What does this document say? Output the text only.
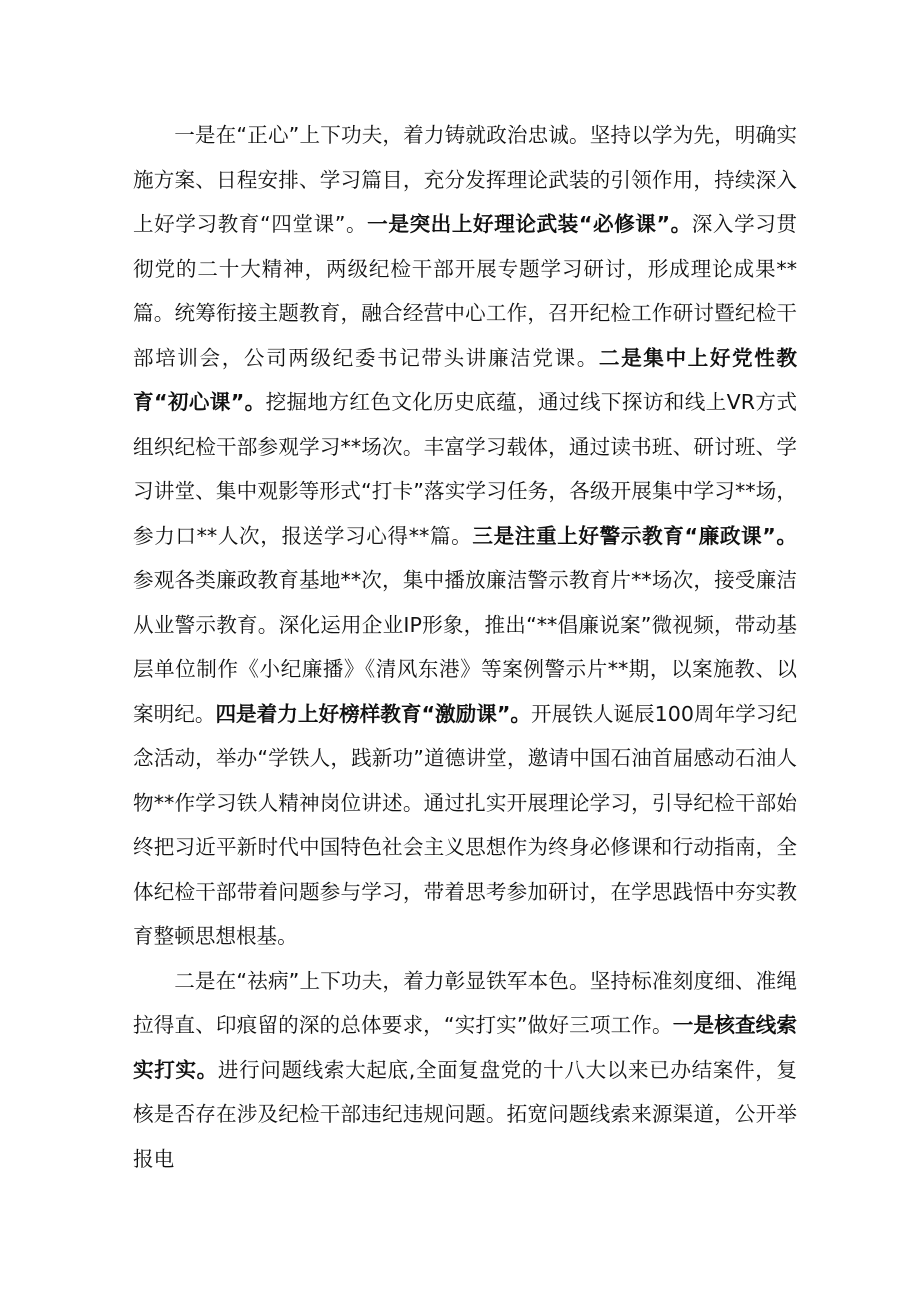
一是在“正心”上下功夫，着力铸就政治忠诚。坚持以学为先，明确实施方案、日程安排、学习篇目，充分发挥理论武装的引领作用，持续深入上好学习教育“四堂课”。一是突出上好理论武装“必修课”。深入学习贯彻党的二十大精神，两级纪检干部开展专题学习研讨，形成理论成果**篇。统筹衔接主题教育，融合经营中心工作，召开纪检工作研讨暨纪检干部培训会，公司两级纪委书记带头讲廉洁党课。二是集中上好党性教育“初心课”。挖掘地方红色文化历史底蕴，通过线下探访和线上VR方式组织纪检干部参观学习**场次。丰富学习载体，通过读书班、研讨班、学习讲堂、集中观影等形式“打卡”落实学习任务，各级开展集中学习**场，参力口**人次，报送学习心得**篇。三是注重上好警示教育“廉政课”。参观各类廉政教育基地**次，集中播放廉洁警示教育片**场次，接受廉洁从业警示教育。深化运用企业IP形象，推出“**倡廉说案”微视频，带动基层单位制作《小纪廉播》《清风东港》等案例警示片**期，以案施教、以案明纪。四是着力上好榜样教育“激励课”。开展铁人诞辰100周年学习纪念活动，举办“学铁人，践新功”道德讲堂，邀请中国石油首届感动石油人物**作学习铁人精神岗位讲述。通过扎实开展理论学习，引导纪检干部始终把习近平新时代中国特色社会主义思想作为终身必修课和行动指南，全体纪检干部带着问题参与学习，带着思考参加研讨，在学思践悟中夯实教育整顿思想根基。

二是在“祛病”上下功夫，着力彰显铁军本色。坚持标准刻度细、准绳拉得直、印痕留的深的总体要求，“实打实”做好三项工作。一是核查线索实打实。进行问题线索大起底,全面复盘党的十八大以来已办结案件，复核是否存在涉及纪检干部违纪违规问题。拓宽问题线索来源渠道，公开举报电
